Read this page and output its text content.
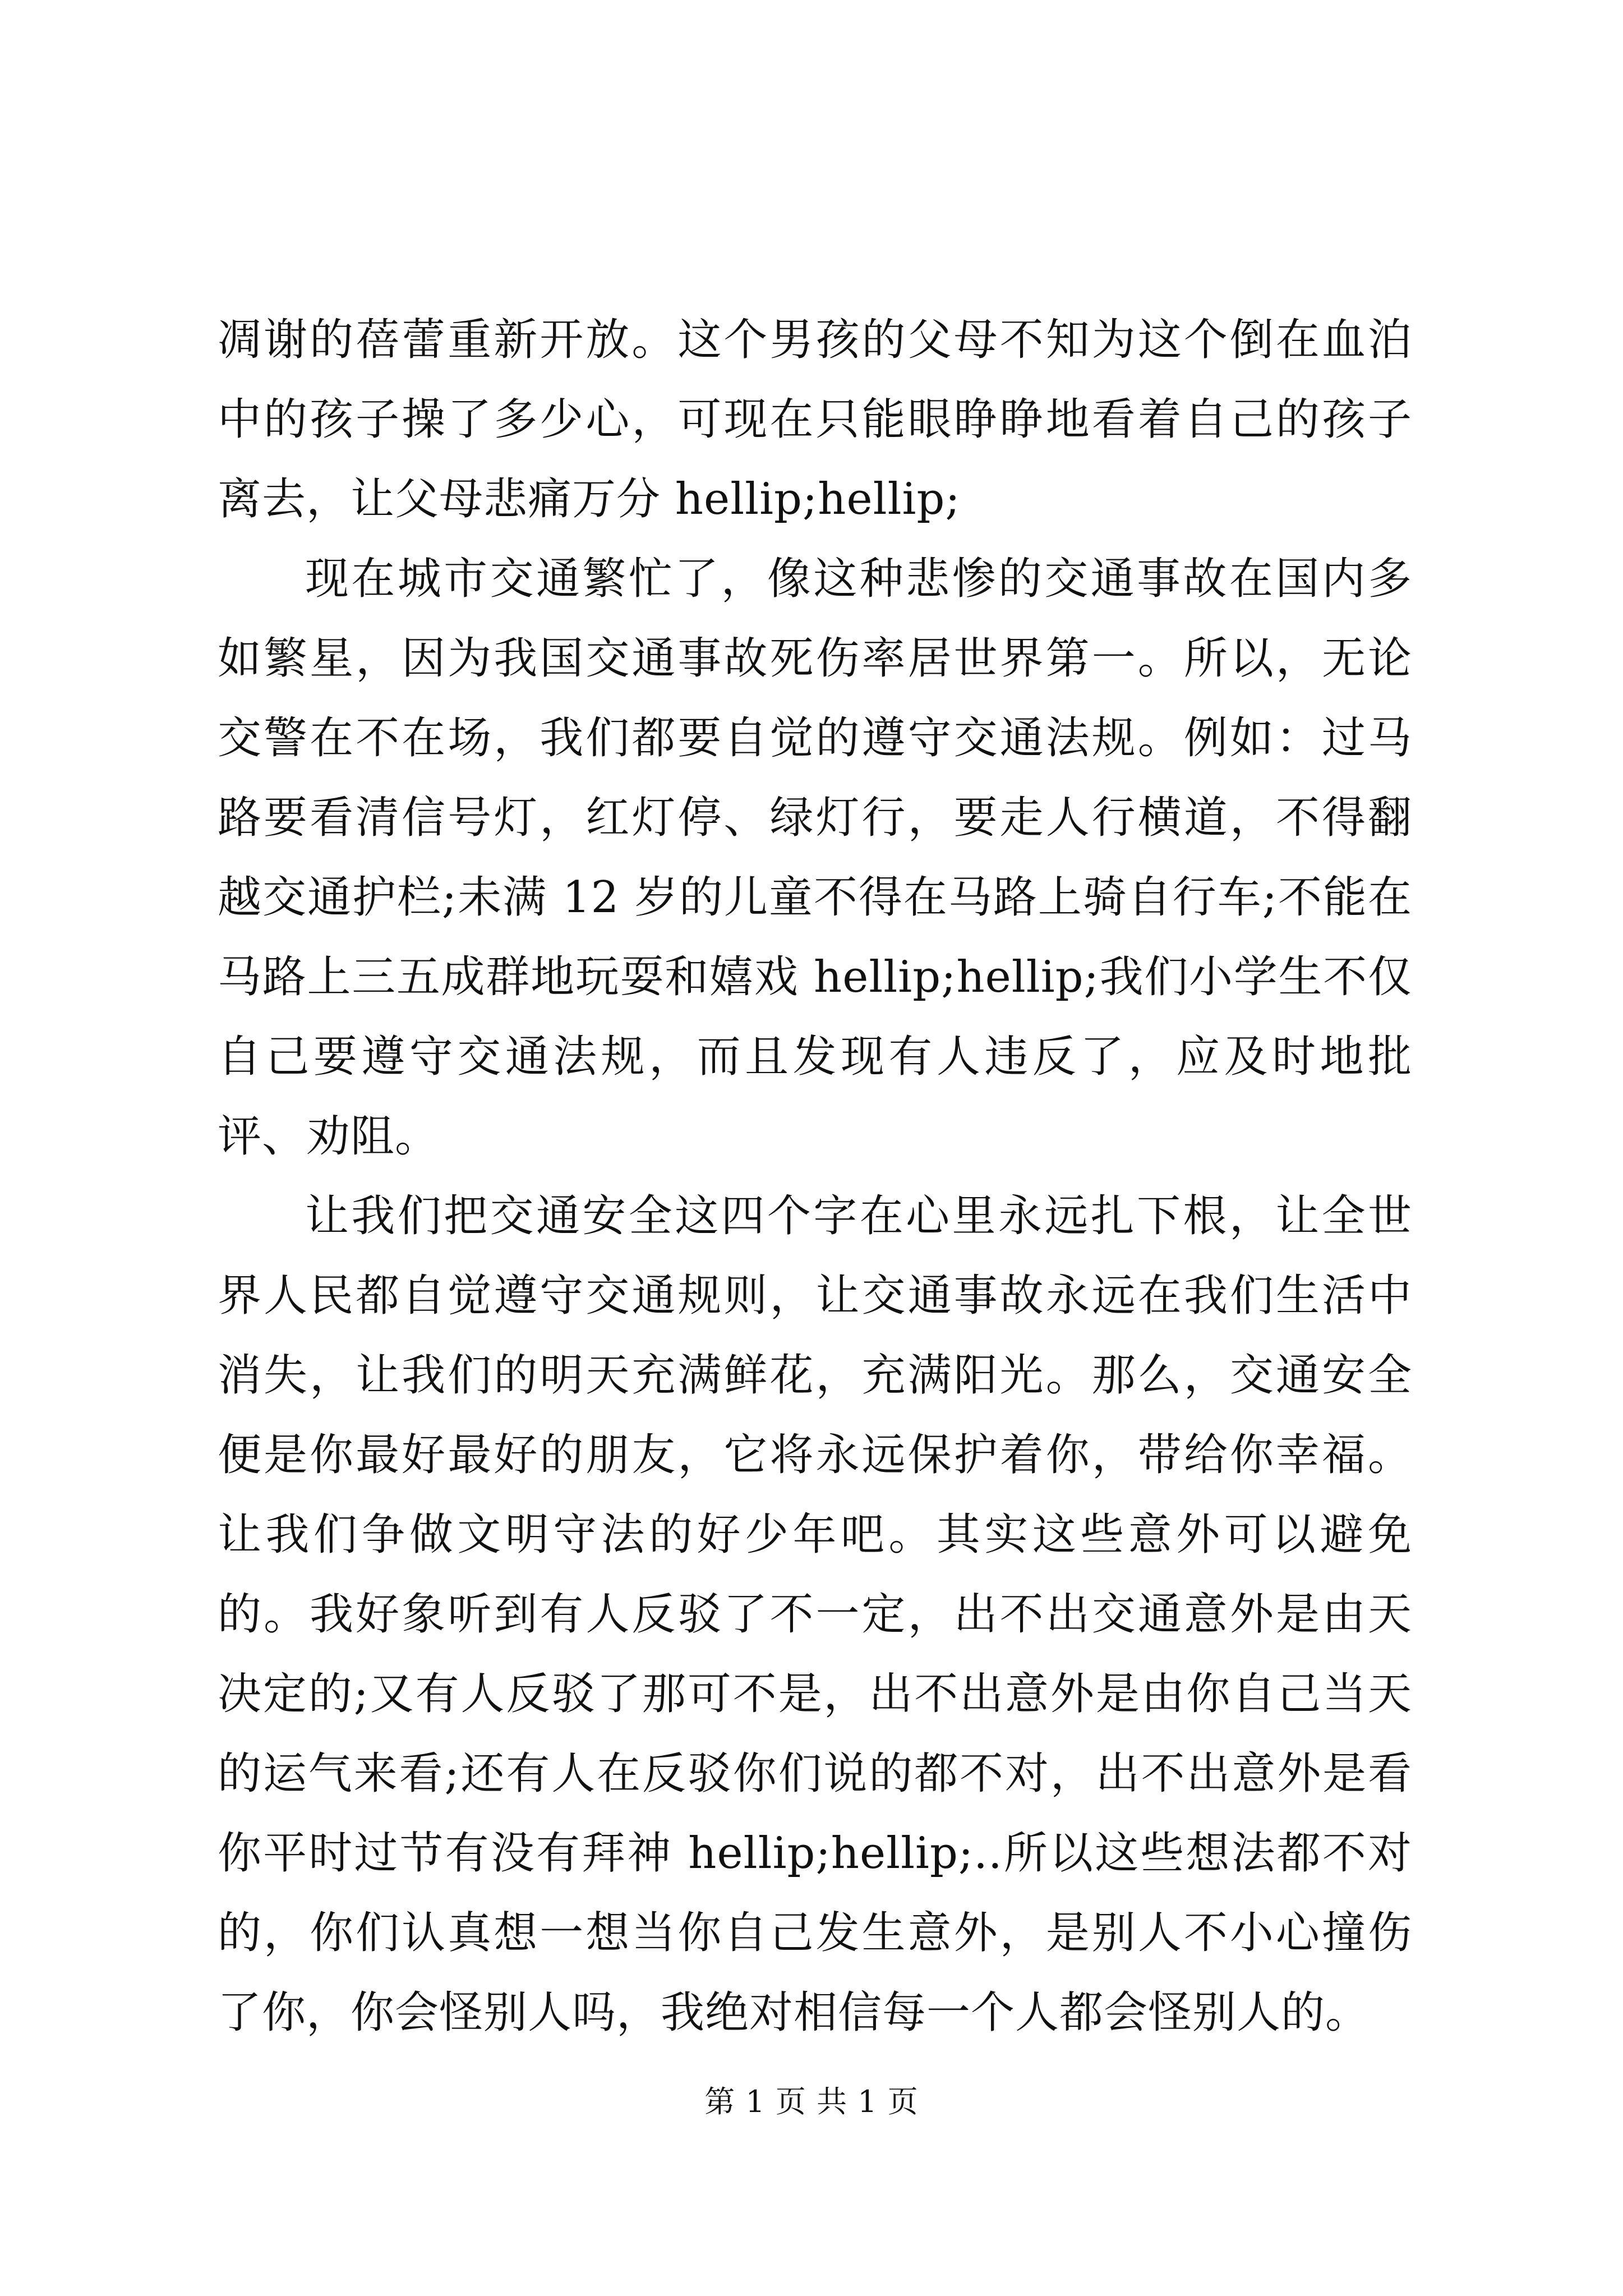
凋谢的蓓蕾重新开放。这个男孩的父母不知为这个倒在血泊中的孩子操了多少心，可现在只能眼睁睁地看着自己的孩子离去，让父母悲痛万分 hellip;hellip;

现在城市交通繁忙了，像这种悲惨的交通事故在国内多如繁星，因为我国交通事故死伤率居世界第一。所以，无论交警在不在场，我们都要自觉的遵守交通法规。例如：过马路要看清信号灯，红灯停、绿灯行，要走人行横道，不得翻越交通护栏;未满 12 岁的儿童不得在马路上骑自行车;不能在马路上三五成群地玩耍和嬉戏 hellip;hellip;我们小学生不仅自己要遵守交通法规，而且发现有人违反了，应及时地批评、劝阻。

让我们把交通安全这四个字在心里永远扎下根，让全世界人民都自觉遵守交通规则，让交通事故永远在我们生活中消失，让我们的明天充满鲜花，充满阳光。那么，交通安全便是你最好最好的朋友，它将永远保护着你，带给你幸福。让我们争做文明守法的好少年吧。其实这些意外可以避免的。我好象听到有人反驳了不一定，出不出交通意外是由天决定的;又有人反驳了那可不是，出不出意外是由你自己当天的运气来看;还有人在反驳你们说的都不对，出不出意外是看你平时过节有没有拜神 hellip;hellip;..所以这些想法都不对的，你们认真想一想当你自己发生意外，是别人不小心撞伤了你，你会怪别人吗，我绝对相信每一个人都会怪别人的。

第 1 页 共 1 页
